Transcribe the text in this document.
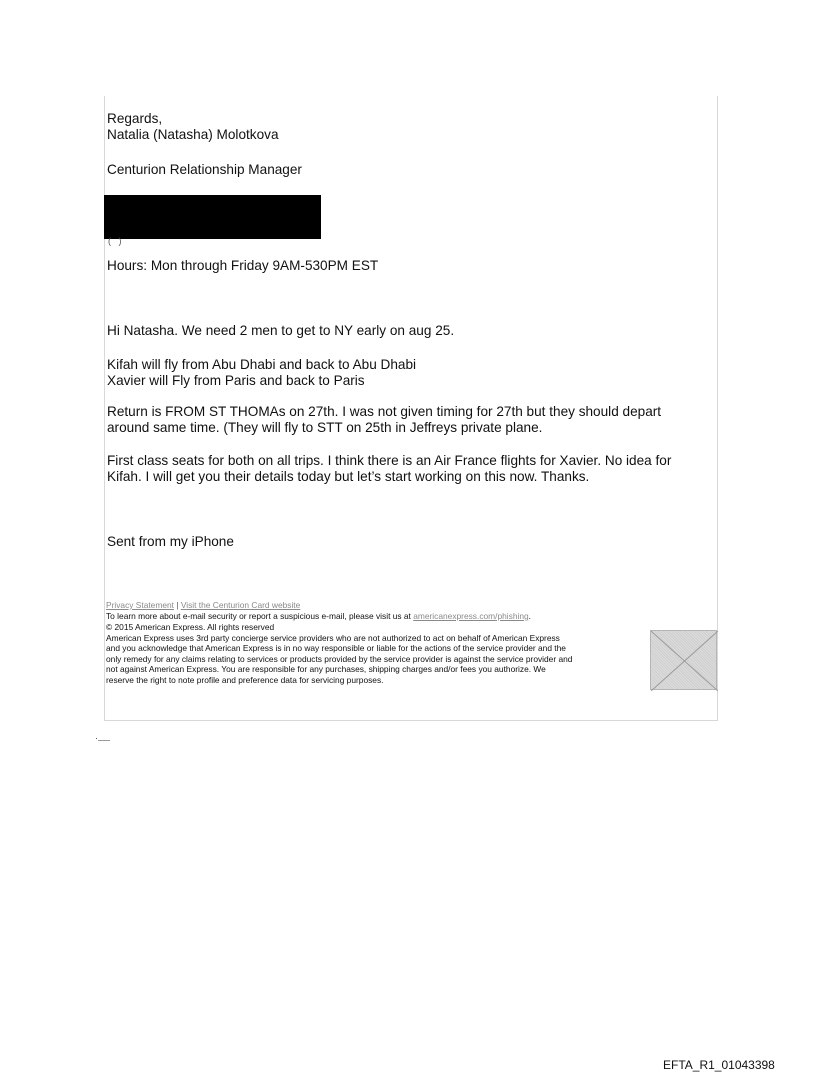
Regards,

Natalia (Natasha) Molotkova

Centurion Relationship Manager

(   )

Hours: Mon through Friday 9AM-530PM EST

Hi Natasha. We need 2 men to get to NY early on aug 25.

Kifah will fly from Abu Dhabi and back to Abu Dhabi

Xavier will Fly from Paris and back to Paris

Return is FROM ST THOMAs on 27th. I was not given timing for 27th but they should depart

around same time. (They will fly to STT on 25th in Jeffreys private plane.

First class seats for both on all trips. I think there is an Air France flights for Xavier. No idea for

Kifah. I will get you their details today but let’s start working on this now. Thanks.

Sent from my iPhone

Privacy Statement | Visit the Centurion Card website

To learn more about e-mail security or report a suspicious e-mail, please visit us at americanexpress.com/phishing.

© 2015 American Express. All rights reserved

American Express uses 3rd party concierge service providers who are not authorized to act on behalf of American Express

and you acknowledge that American Express is in no way responsible or liable for the actions of the service provider and the

only remedy for any claims relating to services or products provided by the service provider is against the service provider and

not against American Express. You are responsible for any purchases, shipping charges and/or fees you authorize. We

reserve the right to note profile and preference data for servicing purposes.

EFTA_R1_01043398
